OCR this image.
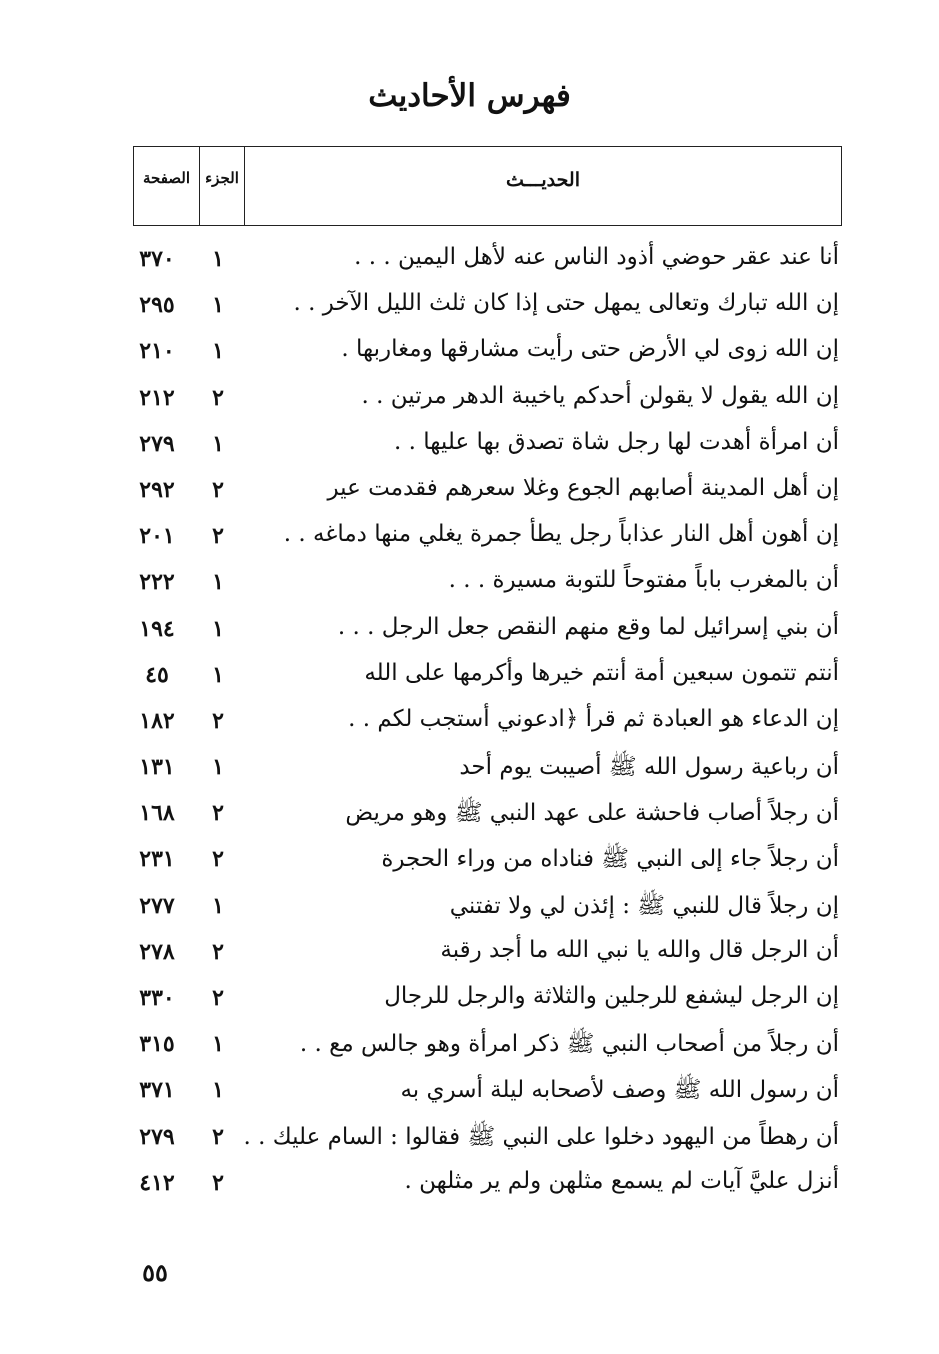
فهرس الأحاديث
الحديـــث
الجزء
الصفحة
أنا عند عقر حوضي أذود الناس عنه لأهل اليمين . . .
١
٣٧٠
إن الله تبارك وتعالى يمهل حتى إذا كان ثلث الليل الآخر . .
١
٢٩٥
إن الله زوى لي الأرض حتى رأيت مشارقها ومغاربها .
١
٢١٠
إن الله يقول لا يقولن أحدكم ياخيبة الدهر مرتين . .
٢
٢١٢
أن امرأة أهدت لها رجل شاة تصدق بها عليها . .
١
٢٧٩
إن أهل المدينة أصابهم الجوع وغلا سعرهم فقدمت عير
٢
٢٩٢
إن أهون أهل النار عذاباً رجل يطأ جمرة يغلي منها دماغه . .
٢
٢٠١
أن بالمغرب باباً مفتوحاً للتوبة مسيرة . . .
١
٢٢٢
أن بني إسرائيل لما وقع منهم النقص جعل الرجل . . .
١
١٩٤
أنتم تتمون سبعين أمة أنتم خيرها وأكرمها على الله
١
٤٥
إن الدعاء هو العبادة ثم قرأ ﴿ادعوني أستجب لكم . .
٢
١٨٢
أن رباعية رسول الله ﷺ أصيبت يوم أحد
١
١٣١
أن رجلاً أصاب فاحشة على عهد النبي ﷺ وهو مريض
٢
١٦٨
أن رجلاً جاء إلى النبي ﷺ فناداه من وراء الحجرة
٢
٢٣١
إن رجلاً قال للنبي ﷺ : إئذن لي ولا تفتني
١
٢٧٧
أن الرجل قال والله يا نبي الله ما أجد رقبة
٢
٢٧٨
إن الرجل ليشفع للرجلين والثلاثة والرجل للرجال
٢
٣٣٠
أن رجلاً من أصحاب النبي ﷺ ذكر امرأة وهو جالس مع . .
١
٣١٥
أن رسول الله ﷺ وصف لأصحابه ليلة أسري به
١
٣٧١
أن رهطاً من اليهود دخلوا على النبي ﷺ فقالوا : السام عليك . .
٢
٢٧٩
أنزل عليَّ آيات لم يسمع مثلهن ولم ير مثلهن .
٢
٤١٢
٥٥
